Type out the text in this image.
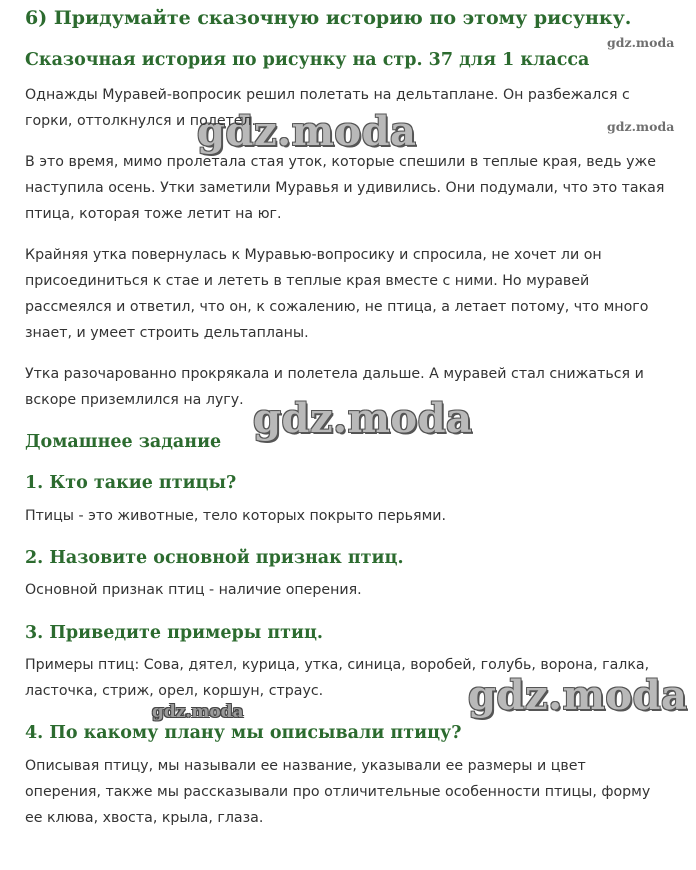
gdz.moda
gdz.moda
gdz.moda
gdz.moda
gdz.moda
gdz.moda
6) Придумайте сказочную историю по этому рисунку.
Сказочная история по рисунку на стр. 37 для 1 класса

Однажды Муравей-вопросик решил полетать на дельтаплане. Он разбежался с горки, оттолкнулся и полетел.

В это время, мимо пролетала стая уток, которые спешили в теплые края, ведь уже наступила осень. Утки заметили Муравья и удивились. Они подумали, что это такая птица, которая тоже летит на юг.

Крайняя утка повернулась к Муравью-вопросику и спросила, не хочет ли он присоединиться к стае и лететь в теплые края вместе с ними. Но муравей рассмеялся и ответил, что он, к сожалению, не птица, а летает потому, что много знает, и умеет строить дельтапланы.

Утка разочарованно прокрякала и полетела дальше. А муравей стал снижаться и вскоре приземлился на лугу.

Домашнее задание
1. Кто такие птицы?

Птицы - это животные, тело которых покрыто перьями.

2. Назовите основной признак птиц.

Основной признак птиц - наличие оперения.

3. Приведите примеры птиц.

Примеры птиц: Сова, дятел, курица, утка, синица, воробей, голубь, ворона, галка, ласточка, стриж, орел, коршун, страус.

4. По какому плану мы описывали птицу?

Описывая птицу, мы называли ее название, указывали ее размеры и цвет оперения, также мы рассказывали про отличительные особенности птицы, форму ее клюва, хвоста, крыла, глаза.
